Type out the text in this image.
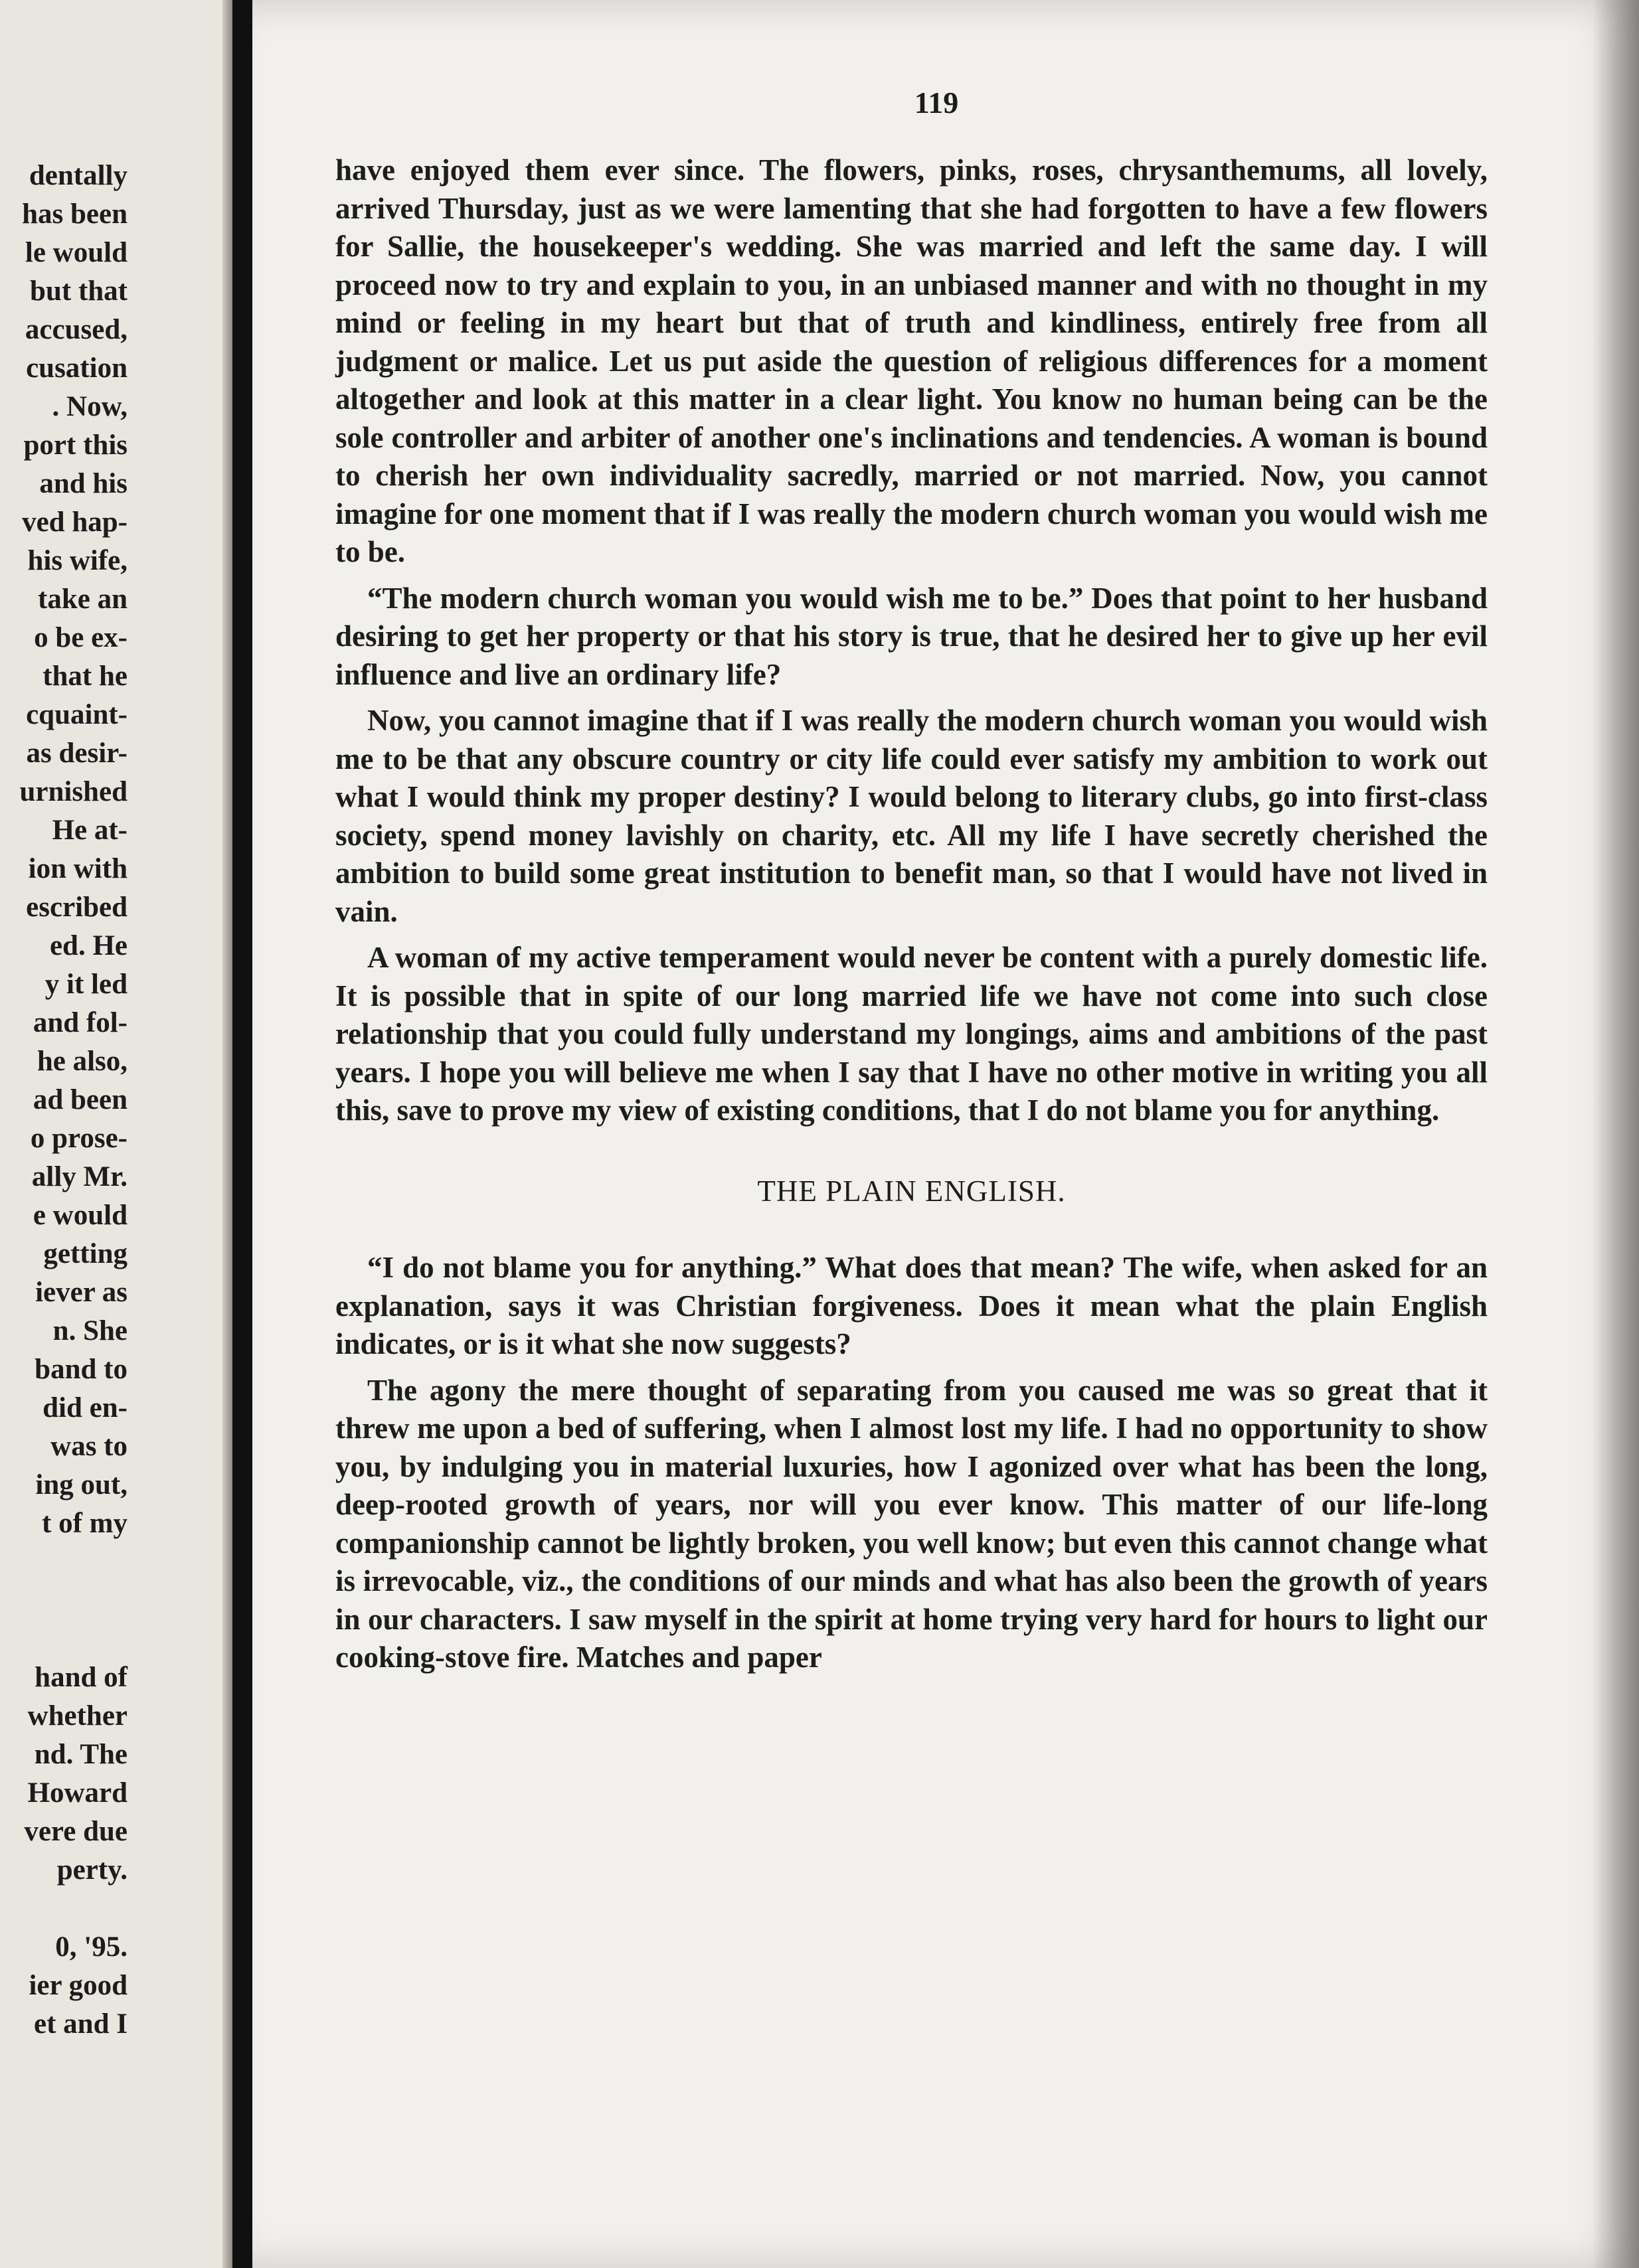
dentally
has been
le would
but that
accused,
cusation
. Now,
port this
and his
ved hap-
his wife,
take an
o be ex-
that he
cquaint-
as desir-
urnished
He at-
ion with
escribed
ed. He
y it led
and fol-
he also,
ad been
o prose-
ally Mr.
e would
getting
iever as
n. She
band to
did en-
was to
ing out,
t of my
hand of
whether
nd. The
Howard
vere due
perty.
0, '95.
ier good
et and I
119

have enjoyed them ever since. The flowers, pinks, roses, chrysanthemums, all lovely, arrived Thursday, just as we were lamenting that she had forgotten to have a few flowers for Sallie, the housekeeper's wedding. She was married and left the same day. I will proceed now to try and explain to you, in an unbiased manner and with no thought in my mind or feeling in my heart but that of truth and kindliness, entirely free from all judgment or malice. Let us put aside the question of religious differences for a moment altogether and look at this matter in a clear light. You know no human being can be the sole controller and arbiter of another one's inclinations and tendencies. A woman is bound to cherish her own individuality sacredly, married or not married. Now, you cannot imagine for one moment that if I was really the modern church woman you would wish me to be.

“The modern church woman you would wish me to be.” Does that point to her husband desiring to get her property or that his story is true, that he desired her to give up her evil influence and live an ordinary life?

Now, you cannot imagine that if I was really the modern church woman you would wish me to be that any obscure country or city life could ever satisfy my ambition to work out what I would think my proper destiny? I would belong to literary clubs, go into first-class society, spend money lavishly on charity, etc. All my life I have secretly cherished the ambition to build some great institution to benefit man, so that I would have not lived in vain.

A woman of my active temperament would never be content with a purely domestic life. It is possible that in spite of our long married life we have not come into such close relationship that you could fully understand my longings, aims and ambitions of the past years. I hope you will believe me when I say that I have no other motive in writing you all this, save to prove my view of existing conditions, that I do not blame you for anything.

THE PLAIN ENGLISH.

“I do not blame you for anything.” What does that mean? The wife, when asked for an explanation, says it was Christian forgiveness. Does it mean what the plain English indicates, or is it what she now suggests?

The agony the mere thought of separating from you caused me was so great that it threw me upon a bed of suffering, when I almost lost my life. I had no opportunity to show you, by indulging you in material luxuries, how I agonized over what has been the long, deep-rooted growth of years, nor will you ever know. This matter of our life-long companionship cannot be lightly broken, you well know; but even this cannot change what is irrevocable, viz., the conditions of our minds and what has also been the growth of years in our characters. I saw myself in the spirit at home trying very hard for hours to light our cooking-stove fire. Matches and paper
